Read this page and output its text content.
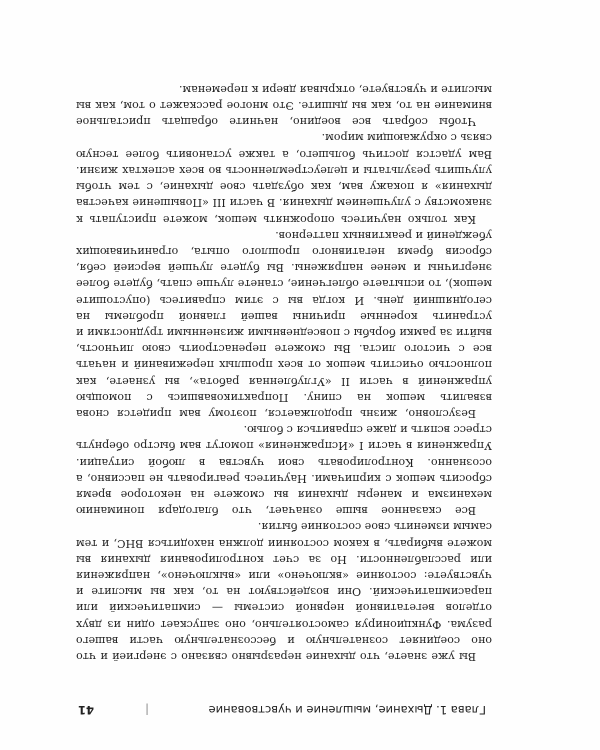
Глава 1. Дыхание, мышление и чувствование
|
41

Вы уже знаете, что дыхание неразрывно связано с энергией и что оно соединяет сознательную и бессознательную части вашего разума. Функционируя самостоятельно, оно запускает один из двух отделов вегетативной нервной системы — симпатический или парасимпатический. Они воздействуют на то, как вы мыслите и чувствуете: состояние «включено» или «выключено», напряжения или расслабленности. Но за счет контролирования дыхания вы можете выбирать, в каком состоянии должна находиться ВНС, и тем самым изменить свое состояние бытия.

Все сказанное выше означает, что благодаря пониманию механизма и манеры дыхания вы сможете на некоторое время сбросить мешок с кирпичами. Научитесь реагировать не пассивно, а осознанно. Контролировать свои чувства в любой ситуации. Упражнения в части I «Испражнения» помогут вам быстро обернуть стресс вспять и даже справиться с болью.

Безусловно, жизнь продолжается, поэтому вам придется снова взвалить мешок на спину. Попрактиковавшись с помощью упражнений в части II «Углубленная работа», вы узнаете, как полностью очистить мешок от всех прошлых переживаний и начать все с чистого листа. Вы сможете перенастроить свою личность, выйти за рамки борьбы с повседневными жизненными трудностями и устранить коренные причины вашей главной проблемы на сегодняшний день. И когда вы с этим справитесь (опустошите мешок), то испытаете облегчение, станете лучше спать, будете более энергичны и менее напряжены. Вы будете лучшей версией себя, сбросив бремя негативного прошлого опыта, ограничивающих убеждений и реактивных паттернов.

Как только научитесь опорожнять мешок, можете приступать к знакомству с улучшением дыхания. В части III «Повышение качества дыхания» я покажу вам, как обуздать свое дыхание, с тем чтобы улучшить результаты и целеустремленность во всех аспектах жизни. Вам удастся достичь большего, а также установить более тесную связь с окружающим миром.

Чтобы собрать все воедино, начните обращать пристальное внимание на то, как вы дышите. Это многое расскажет о том, как вы мыслите и чувствуете, открывая двери к переменам.
